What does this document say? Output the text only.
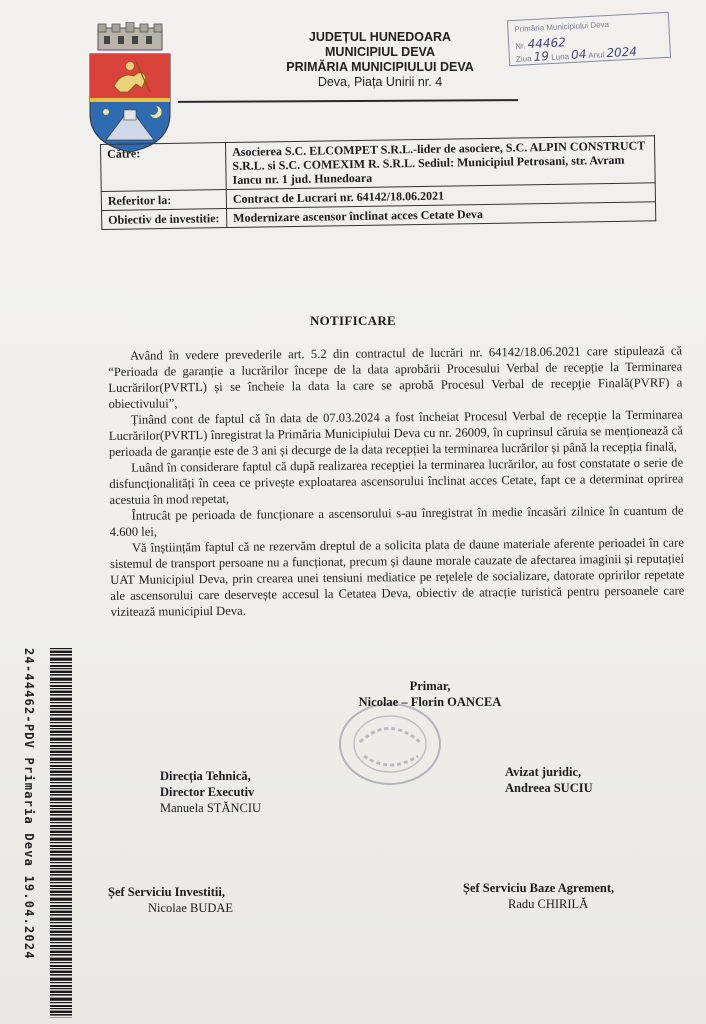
JUDEȚUL HUNEDOARA
MUNICIPIUL DEVA
PRIMĂRIA MUNICIPIULUI DEVA
Deva, Piața Unirii nr. 4
Primăria Municipiului Deva
Nr. 44462
Ziua 19 Luna 04 Anul 2024
Către:	Asocierea S.C. ELCOMPET S.R.L.-lider de asociere, S.C. ALPIN CONSTRUCT S.R.L. si S.C. COMEXIM R. S.R.L. Sediul: Municipiul Petrosani, str. Avram Iancu nr. 1 jud. Hunedoara
Referitor la:	Contract de Lucrari nr. 64142/18.06.2021
Obiectiv de investitie:	Modernizare ascensor înclinat acces Cetate Deva
NOTIFICARE

Având în vedere prevederile art. 5.2 din contractul de lucrări nr. 64142/18.06.2021 care stipulează că “Perioada de garanție a lucrărilor începe de la data aprobării Procesului Verbal de recepție la Terminarea Lucrărilor(PVRTL) și se încheie la data la care se aprobă Procesul Verbal de recepție Finală(PVRF) a obiectivului”,

Ținând cont de faptul că în data de 07.03.2024 a fost încheiat Procesul Verbal de recepție la Terminarea Lucrărilor(PVRTL) înregistrat la Primăria Municipiului Deva cu nr. 26009, în cuprinsul căruia se menționează că perioada de garanție este de 3 ani și decurge de la data recepției la terminarea lucrărilor și până la recepția finală,

Luând în considerare faptul că după realizarea recepției la terminarea lucrărilor, au fost constatate o serie de disfuncționalități în ceea ce privește exploatarea ascensorului înclinat acces Cetate, fapt ce a determinat oprirea acestuia în mod repetat,

Întrucât pe perioada de funcționare a ascensorului s-au înregistrat în medie încasări zilnice în cuantum de 4.600 lei,

Vă înștiințăm faptul că ne rezervăm dreptul de a solicita plata de daune materiale aferente perioadei în care sistemul de transport persoane nu a funcționat, precum și daune morale cauzate de afectarea imaginii și reputației UAT Municipiul Deva, prin crearea unei tensiuni mediatice pe rețelele de socializare, datorate opririlor repetate ale ascensorului care deservește accesul la Cetatea Deva, obiectiv de atracție turistică pentru persoanele care vizitează municipiul Deva.

Primar,
Nicolae – Florin OANCEA
Direcția Tehnică,
Director Executiv
Manuela STĂNCIU
Avizat juridic,
Andreea SUCIU
Șef Serviciu Investitii,
Nicolae BUDAE
Șef Serviciu Baze Agrement,
Radu CHIRILĂ
24-44462-PDV Primaria Deva 19.04.2024
